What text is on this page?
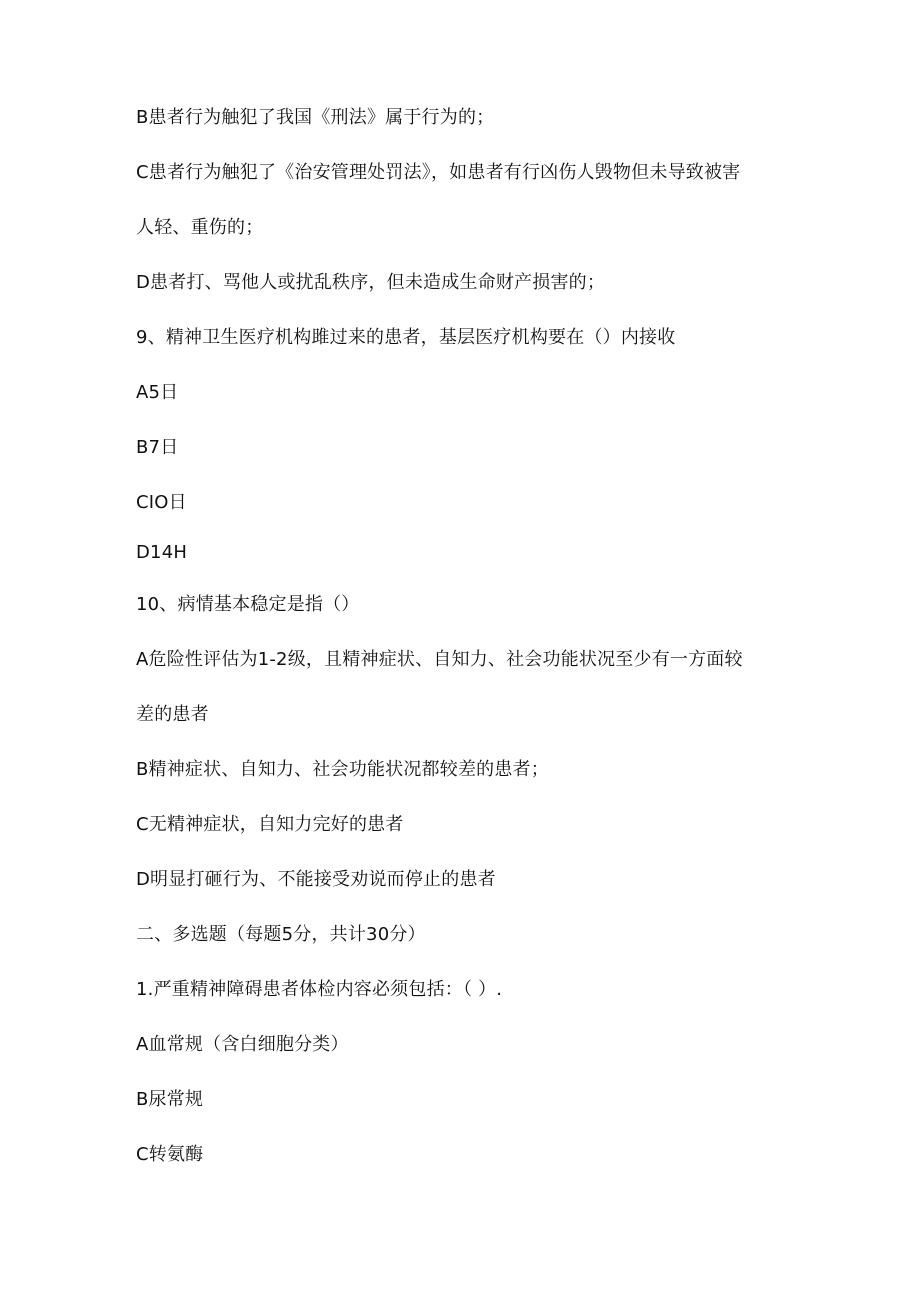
B患者行为触犯了我国《刑法》属于行为的；
C患者行为触犯了《治安管理处罚法》，如患者有行凶伤人毁物但未导致被害
人轻、重伤的；
D患者打、骂他人或扰乱秩序，但未造成生命财产损害的；
9、精神卫生医疗机构雎过来的患者，基层医疗机构要在（）内接收
A5日
B7日
CIO日
D14H
10、病情基本稳定是指（）
A危险性评估为1-2级，且精神症状、自知力、社会功能状况至少有一方面较
差的患者
B精神症状、自知力、社会功能状况都较差的患者；
C无精神症状，自知力完好的患者
D明显打砸行为、不能接受劝说而停止的患者
二、多选题（每题5分，共计30分）
1.严重精神障碍患者体检内容必须包括：（ ）.
A血常规（含白细胞分类）
B尿常规
C转氨酶
